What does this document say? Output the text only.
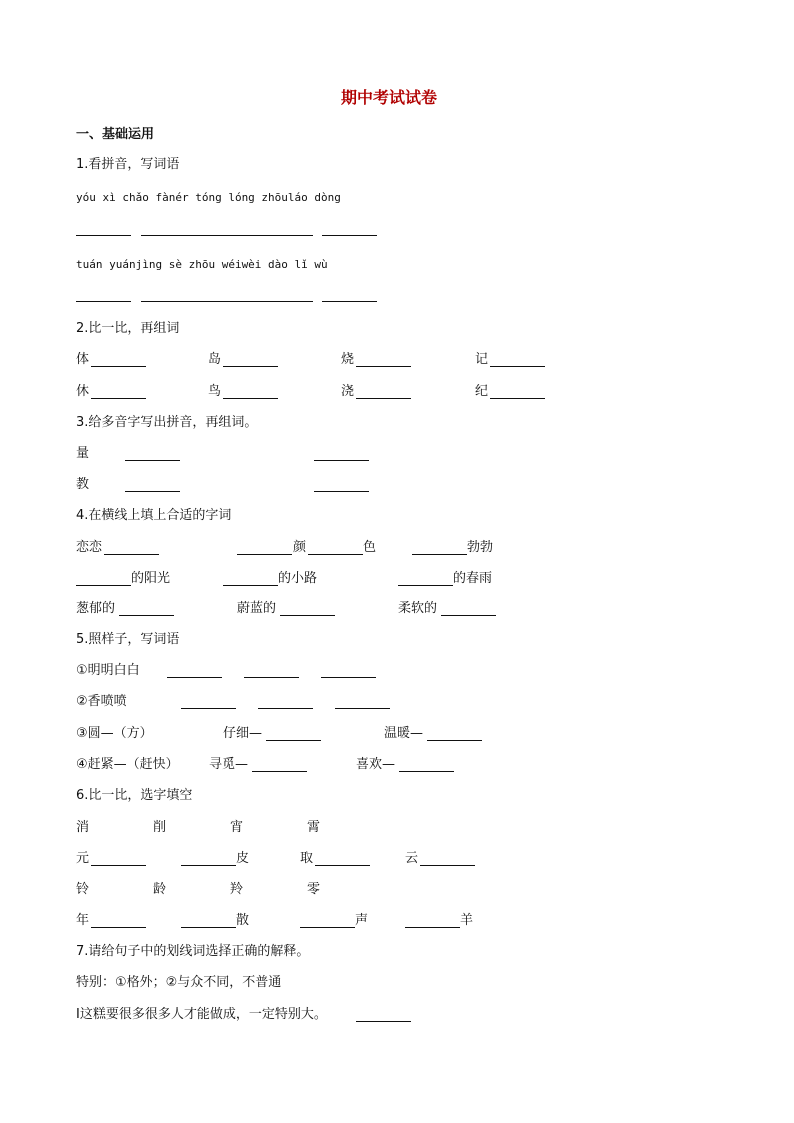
期中考试试卷
一、基础运用
1.看拼音，写词语
yóu xì chǎo fànér tóng lóng zhōuláo dòng
tuán yuánjìng sè zhōu wéiwèi dào lǐ wù
2.比一比，再组词
体	岛	烧	记
休	鸟	浇	纪
3.给多音字写出拼音，再组词。
量
教
4.在横线上填上合适的字词
恋恋	颜	色	勃勃
的阳光	的小路	的春雨
葱郁的	蔚蓝的	柔软的
5.照样子，写词语
①明明白白
②香喷喷
③圆—（方）	仔细—	温暖—
④赶紧—（赶快） 寻觅—	喜欢—
6.比一比，选字填空
消	削	宵	霄
元	皮	取	云
铃	龄	羚	零
年	散	声	羊
7.请给句子中的划线词选择正确的解释。
特别：①格外；②与众不同，不普通
Ⅰ这糕要很多很多人才能做成，一定特别大。
